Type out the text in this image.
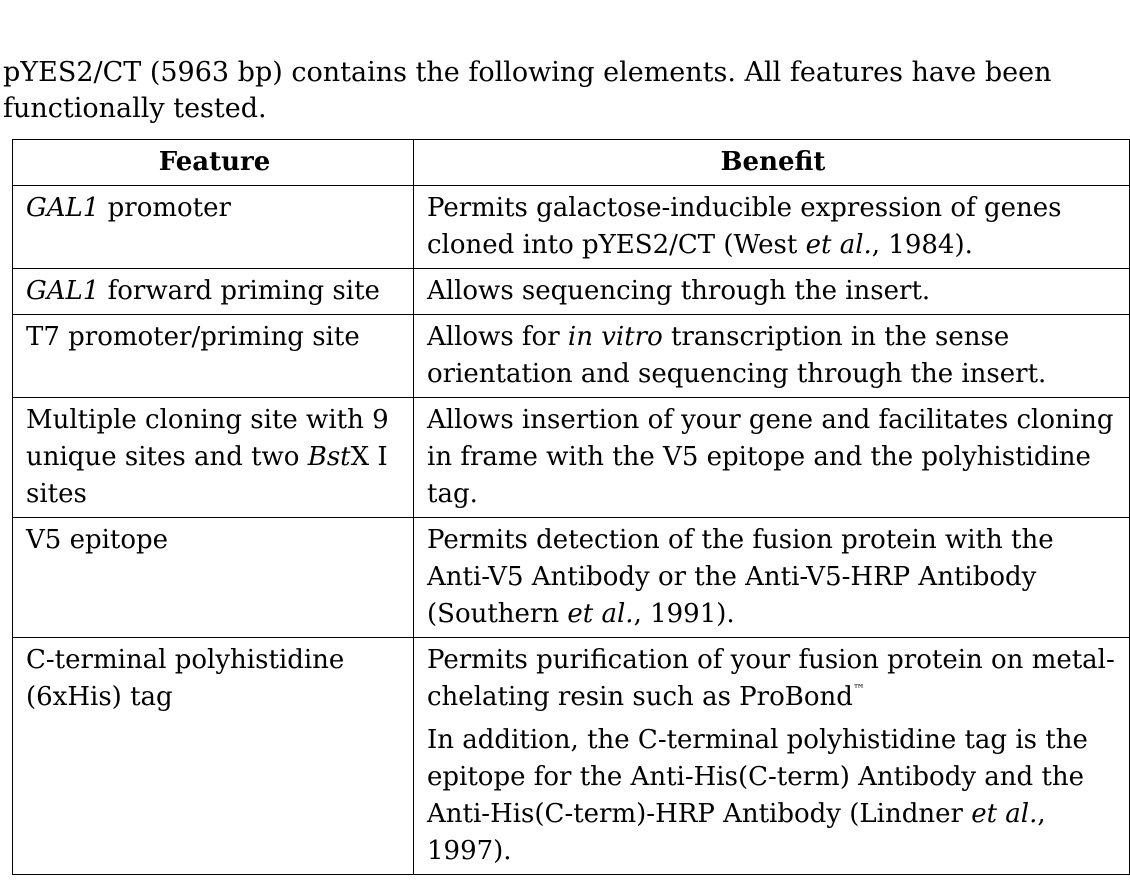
pYES2/CT (5963 bp) contains the following elements. All features have been functionally tested.

Feature	Benefit
GAL1 promoter	Permits galactose-inducible expression of genes cloned into pYES2/CT (West et al., 1984).

GAL1 forward priming site	Allows sequencing through the insert.

T7 promoter/priming site	Allows for in vitro transcription in the sense orientation and sequencing through the insert.

Multiple cloning site with 9 unique sites and two BstX I sites	Allows insertion of your gene and facilitates cloning in frame with the V5 epitope and the polyhistidine tag.

V5 epitope	Permits detection of the fusion protein with the Anti-V5 Antibody or the Anti-V5-HRP Antibody (Southern et al., 1991).

C-terminal polyhistidine (6xHis) tag	Permits purification of your fusion protein on metal-chelating resin such as ProBond™

In addition, the C-terminal polyhistidine tag is the epitope for the Anti-His(C-term) Antibody and the Anti-His(C-term)-HRP Antibody (Lindner et al., 1997).
